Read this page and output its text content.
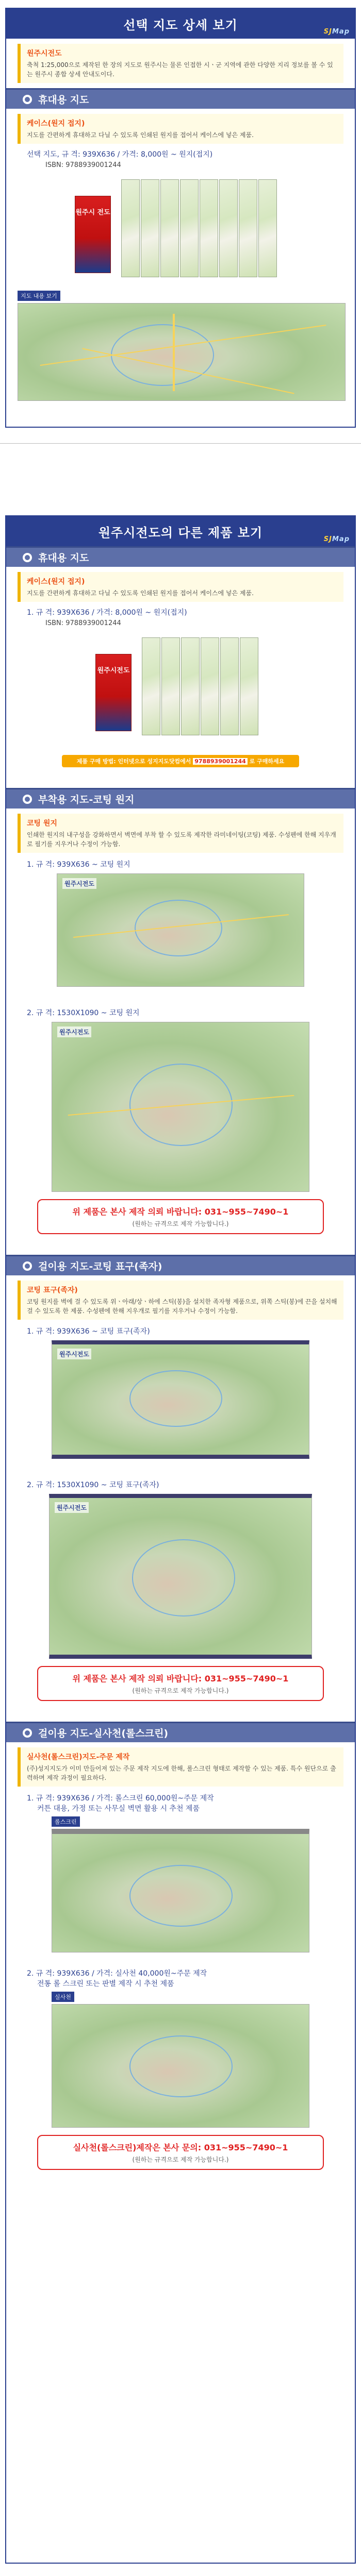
선택 지도 상세 보기	SJMap
원주시전도
축척 1:25,000으로 제작된 한 장의 지도로 원주시는 물론 인접한 시ㆍ군 지역에 관한 다양한 지리 정보를 볼 수 있는 원주시 종합 상세 안내도이다.
휴대용 지도
케이스(원지 접지)
지도를 간편하게 휴대하고 다닐 수 있도록 인쇄된 원지를 접어서 케이스에 넣은 제품.
선택 지도, 규 격: 939X636 / 가격: 8,000원 ~ 원지(접지)
ISBN: 9788939001244
원주시 전도
지도 내용 보기
원주시전도의 다른 제품 보기	SJMap
휴대용 지도
케이스(원지 접지)
지도를 간편하게 휴대하고 다닐 수 있도록 인쇄된 원지를 접어서 케이스에 넣은 제품.
1. 규 격: 939X636 / 가격: 8,000원 ~ 원지(접지)
ISBN: 9788939001244
원주시전도
제품 구매 방법: 인터넷으로 성지지도닷컴에서 9788939001244 로 구매하세요
부착용 지도-코팅 원지
코팅 원지
인쇄한 원지의 내구성을 강화하면서 벽면에 부착 할 수 있도록 제작한 라미네이팅(코팅) 제품. 수성펜에 한해 지우개로 필기를 지우거나 수정이 가능함.
1. 규 격: 939X636 ~ 코팅 원지
원주시전도
2. 규 격: 1530X1090 ~ 코팅 원지
원주시전도
위 제품은 본사 제작 의뢰 바랍니다: 031~955~7490~1
(원하는 규격으로 제작 가능합니다.)
걸이용 지도-코팅 표구(족자)
코팅 표구(족자)
코팅 원지를 벽에 걸 수 있도록 위ㆍ아래/상ㆍ하에 스틱(봉)을 설치한 족자형 제품으로, 위쪽 스틱(봉)에 끈을 설치해 걸 수 있도록 한 제품. 수성펜에 한해 지우개로 필기를 지우거나 수정이 가능함.
1. 규 격: 939X636 ~ 코팅 표구(족자)
원주시전도
2. 규 격: 1530X1090 ~ 코팅 표구(족자)
원주시전도
위 제품은 본사 제작 의뢰 바랍니다: 031~955~7490~1
(원하는 규격으로 제작 가능합니다.)
걸이용 지도-실사천(롤스크린)
실사천(롤스크린)지도-주문 제작
(주)성지지도가 이미 만들어져 있는 주문 제작 지도에 한해, 롤스크린 형태로 제작할 수 있는 제품. 특수 원단으로 출력하며 제작 과정이 필요하다.
1. 규 격: 939X636 / 가격: 롤스크린 60,000원~주문 제작
커튼 대용, 가정 또는 사무실 벽면 활용 시 추천 제품
롤스크린
2. 규 격: 939X636 / 가격: 실사천 40,000원~주문 제작
전통 롤 스크린 또는 판별 제작 시 추천 제품
실사천
실사천(롤스크린)제작은 본사 문의: 031~955~7490~1
(원하는 규격으로 제작 가능합니다.)
